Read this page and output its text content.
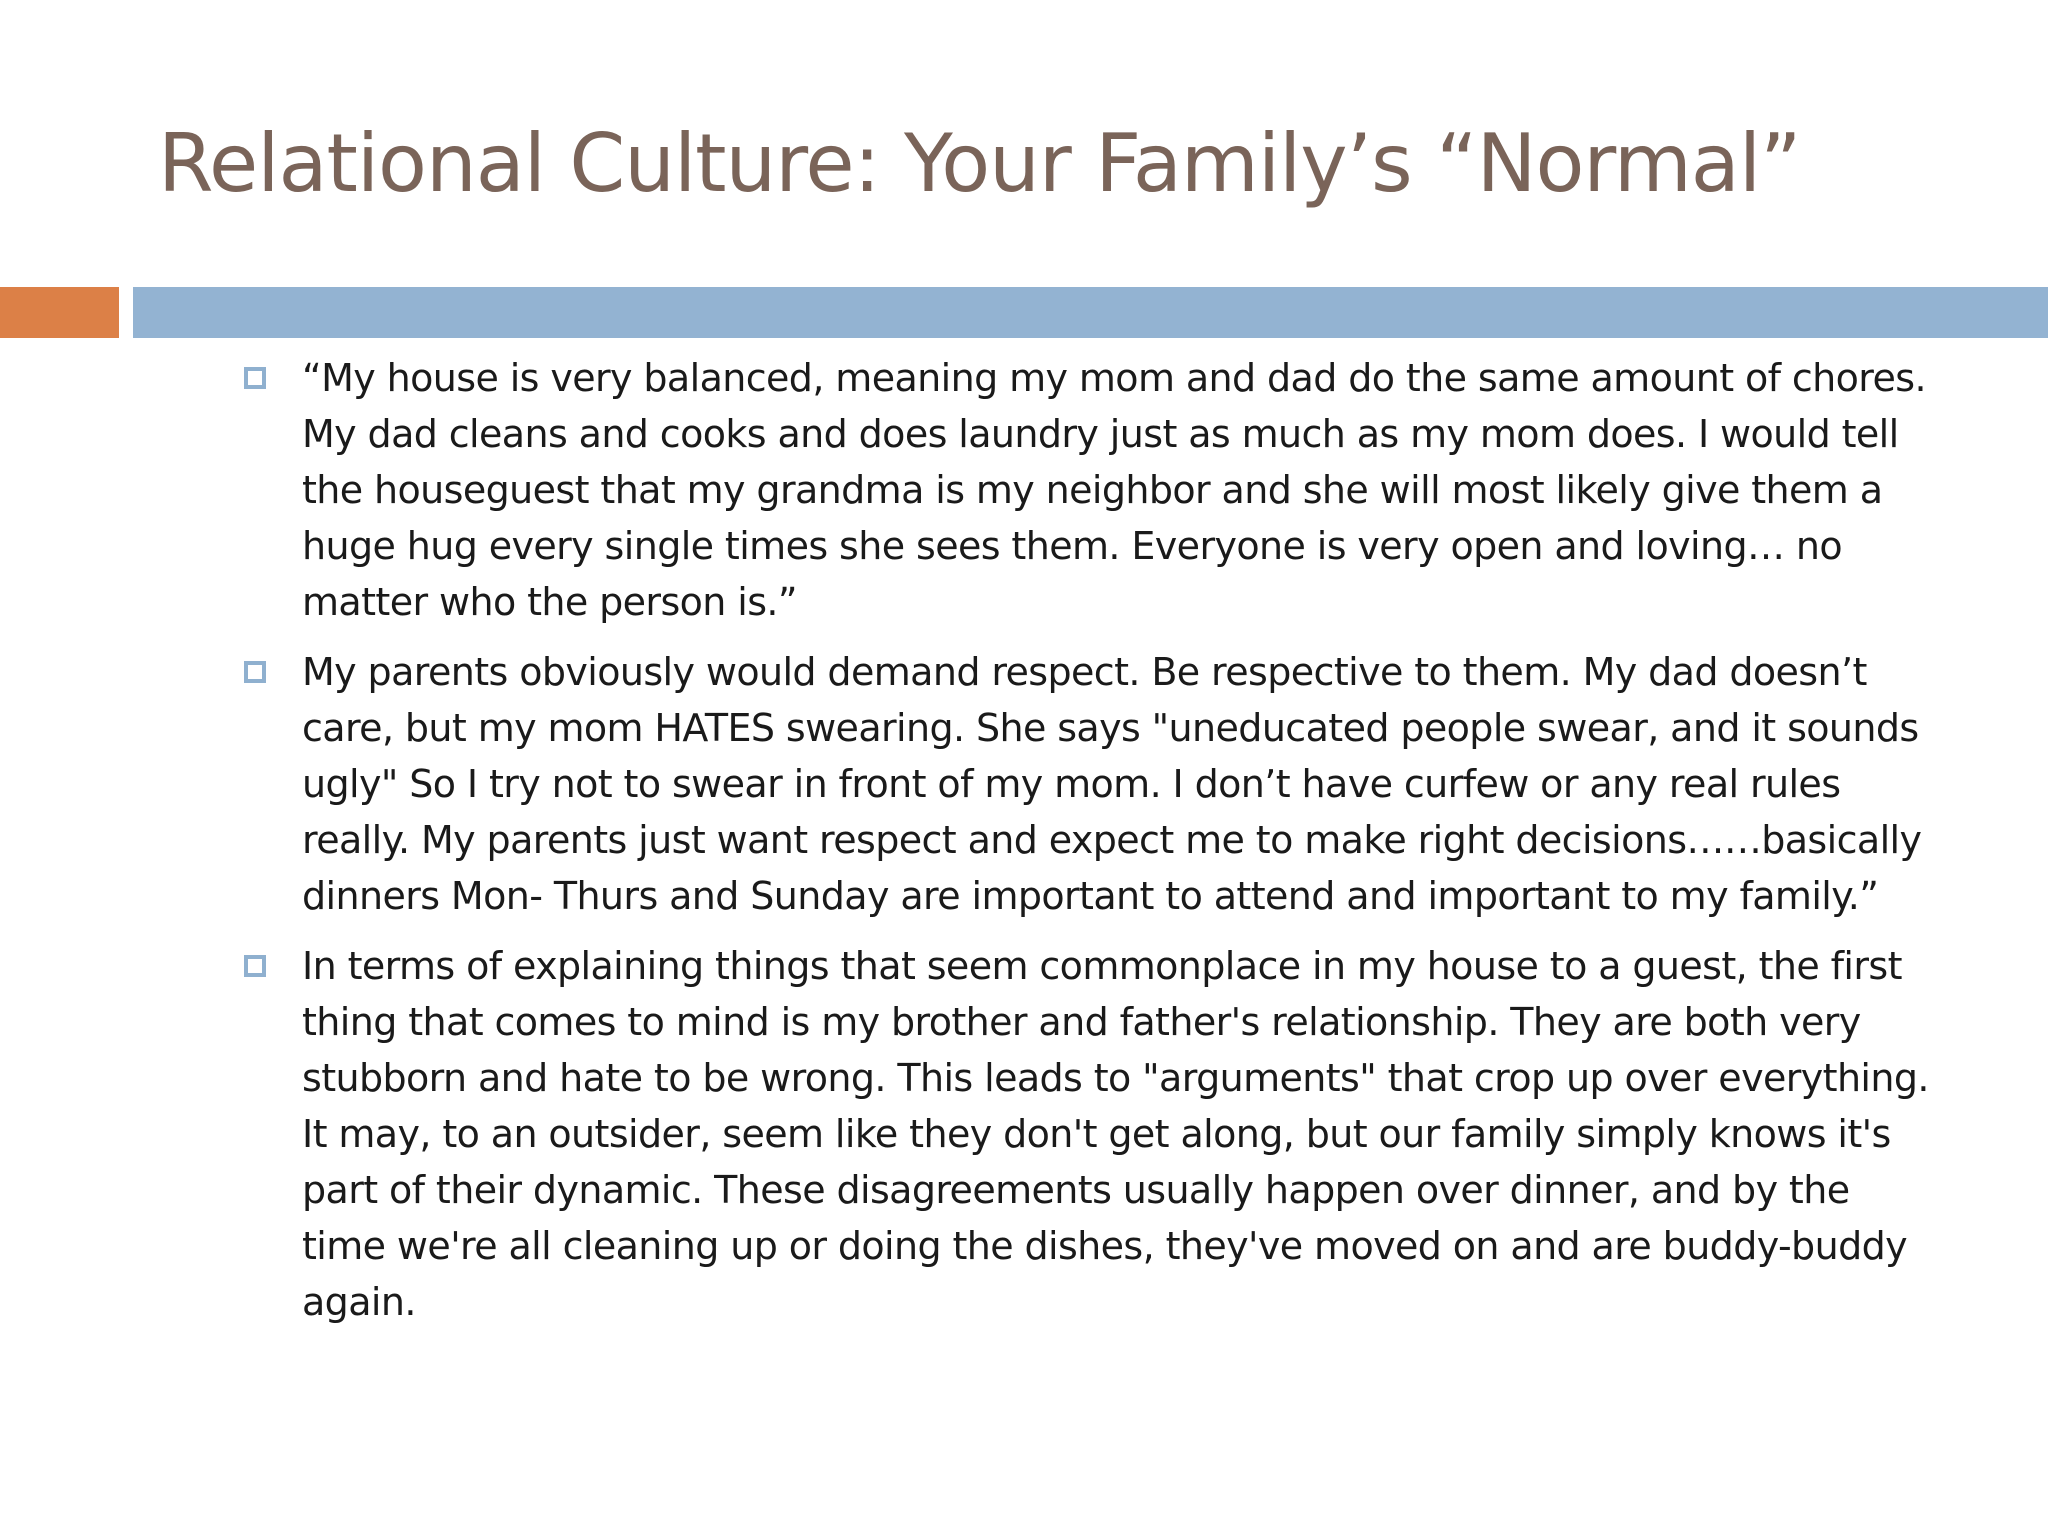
Relational Culture: Your Family’s “Normal”
“My house is very balanced, meaning my mom and dad do the same amount of chores. My dad cleans and cooks and does laundry just as much as my mom does. I would tell the houseguest that my grandma is my neighbor and she will most likely give them a huge hug every single times she sees them. Everyone is very open and loving… no matter who the person is.”
My parents obviously would demand respect. Be respective to them. My dad doesn’t care, but my mom HATES swearing. She says "uneducated people swear, and it sounds ugly" So I try not to swear in front of my mom. I don’t have curfew or any real rules really. My parents just want respect and expect me to make right decisions……basically dinners Mon- Thurs and Sunday are important to attend and important to my family.”
In terms of explaining things that seem commonplace in my house to a guest, the first thing that comes to mind is my brother and father's relationship. They are both very stubborn and hate to be wrong. This leads to "arguments" that crop up over everything. It may, to an outsider, seem like they don't get along, but our family simply knows it's part of their dynamic. These disagreements usually happen over dinner, and by the time we're all cleaning up or doing the dishes, they've moved on and are buddy-buddy again.
